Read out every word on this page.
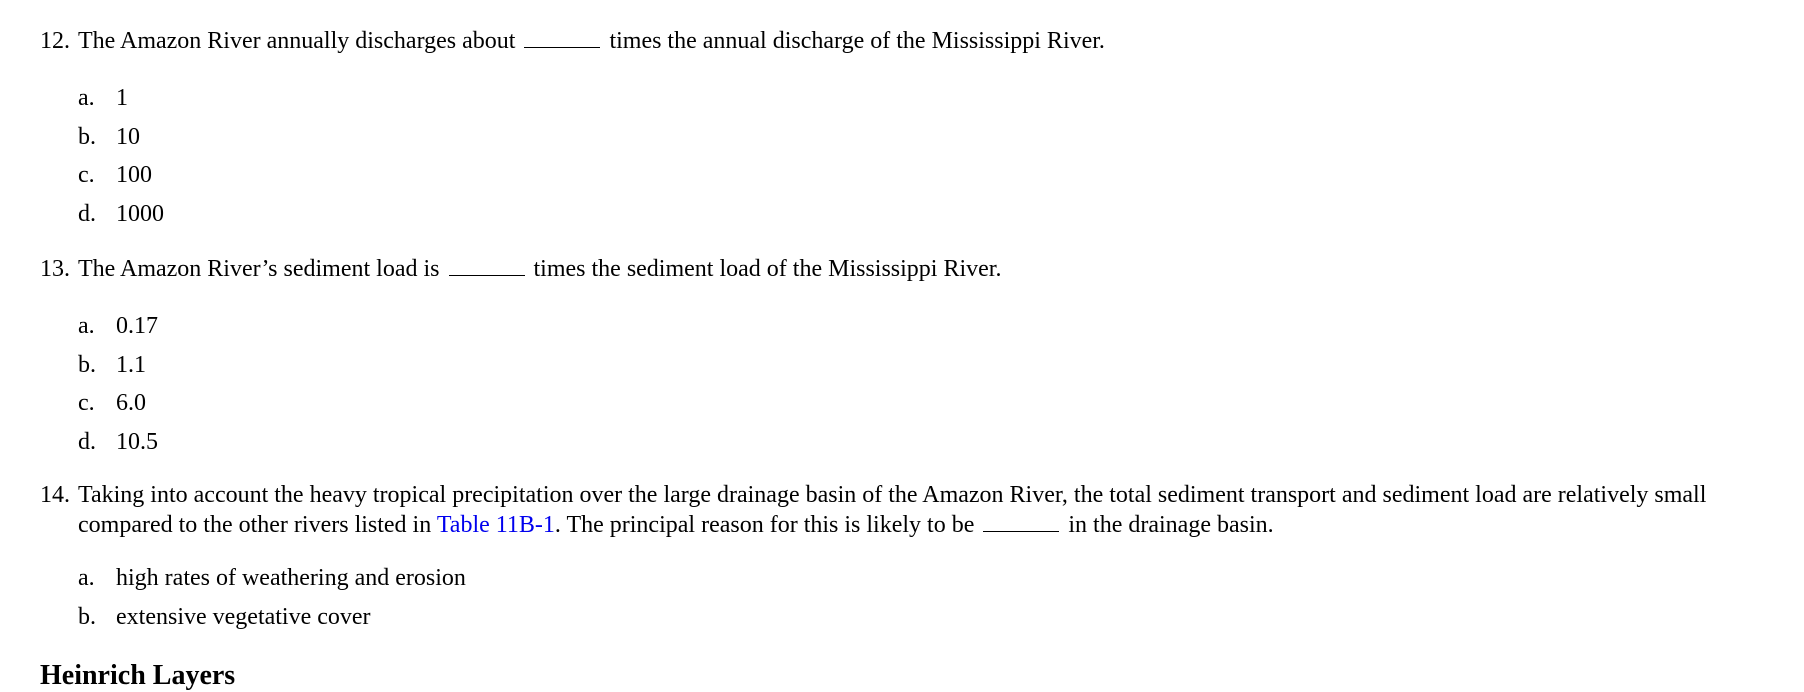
12. The Amazon River annually discharges about	times the annual discharge of the Mississippi River.
a. 1
b. 10
c. 100
d. 1000
13. The Amazon River’s sediment load is	times the sediment load of the Mississippi River.
a. 0.17
b. 1.1
c. 6.0
d. 10.5
14. Taking into account the heavy tropical precipitation over the large drainage basin of the Amazon River, the total sediment transport and sediment load are relatively small compared to the other rivers listed in Table 11B-1. The principal reason for this is likely to be	in the drainage basin.
a. high rates of weathering and erosion
b. extensive vegetative cover
Heinrich Layers
